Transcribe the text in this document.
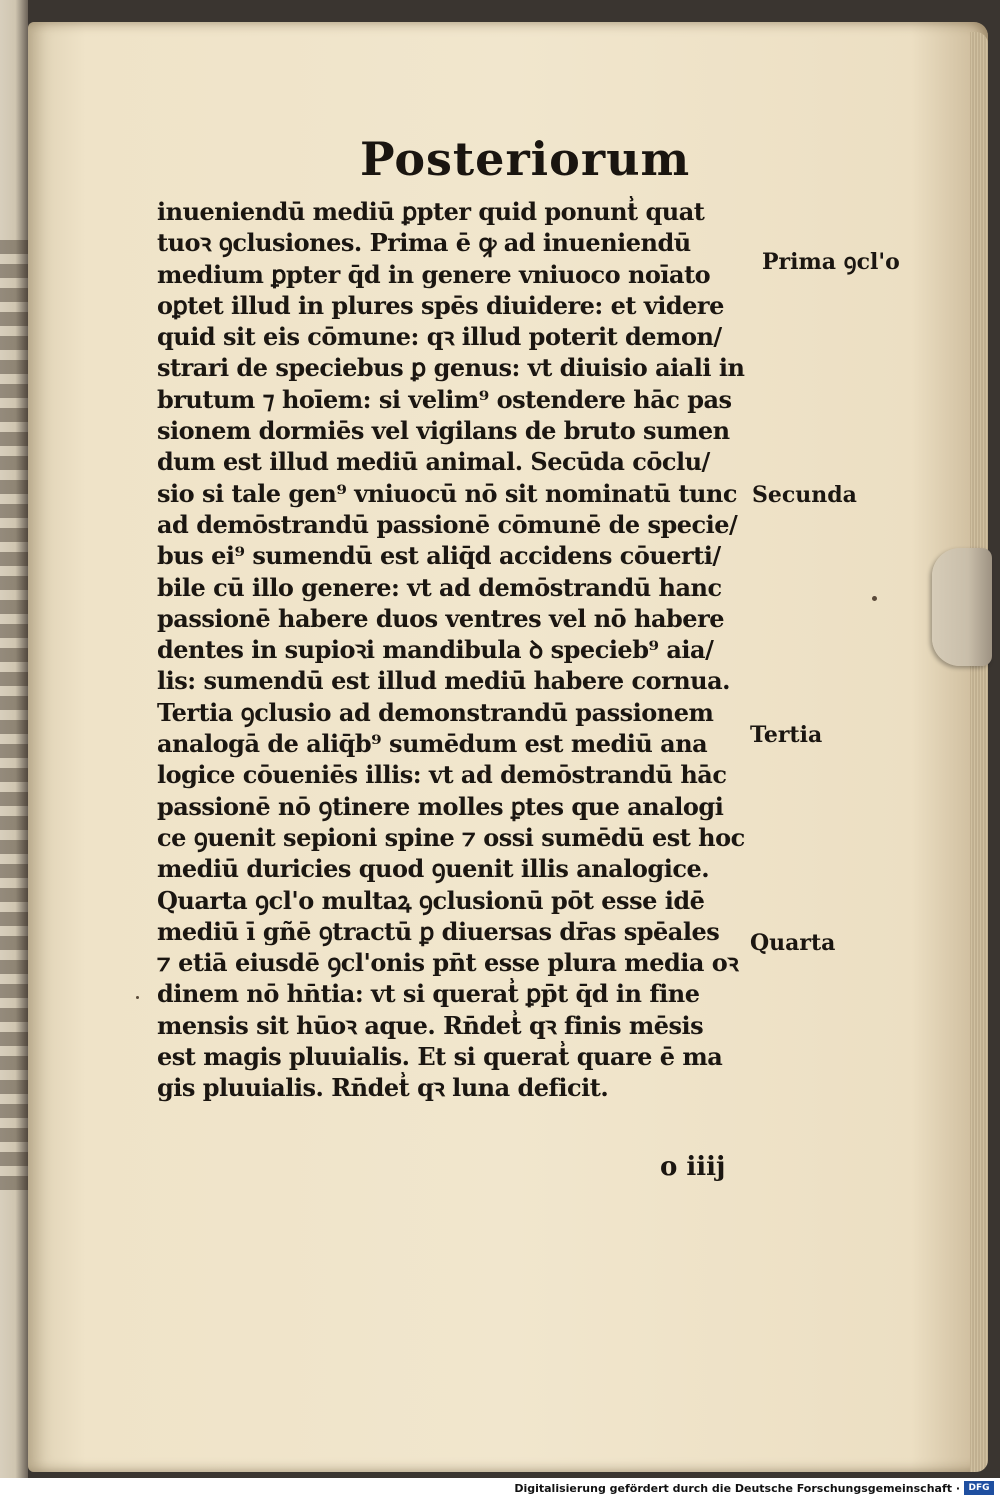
Posteriorum
inueniendū mediū ꝑpter quid ponunt̾ quat
tuoꝛ ꝯclusiones. Prima ē ꝙ ad inueniendū
medium ꝑpter q̄d in genere vniuoco noīato
oꝑtet illud in plures spēs diuidere: et videre
quid sit eis cōmune: qꝛ illud poterit demon/
strari de speciebus ꝑ genus: vt diuisio aiali in
brutum ⁊ hoīem: si velim⁹ ostendere hāc pas
sionem dormiēs vel vigilans de bruto sumen
dum est illud mediū animal. Secūda cōclu/
sio si tale gen⁹ vniuocū nō sit nominatū tunc
ad demōstrandū passionē cōmunē de specie/
bus ei⁹ sumendū est aliq̄d accidens cōuerti/
bile cū illo genere: vt ad demōstrandū hanc
passionē habere duos ventres vel nō habere
dentes in supioꝛi mandibula ꝺ specieb⁹ aia/
lis: sumendū est illud mediū habere cornua.
Tertia ꝯclusio ad demonstrandū passionem
analogā de aliq̄b⁹ sumēdum est mediū ana
logice cōueniēs illis: vt ad demōstrandū hāc
passionē nō ꝯtinere molles ꝑtes que analogi
ce ꝯuenit sepioni spine ⁊ ossi sumēdū est hoc
mediū duricies quod ꝯuenit illis analogice.
Quarta ꝯcl'o multaꝝ ꝯclusionū pōt esse idē
mediū ī gñē ꝯtractū ꝑ diuersas dr̄as spēales
⁊ etiā eiusdē ꝯcl'onis pn̄t esse plura media oꝛ
dinem nō hn̄tia: vt si querat̾ ꝑp̄t q̄d in fine
mensis sit hūoꝛ aque. Rn̄det̾ qꝛ finis mēsis
est magis pluuialis. Et si querat̾ quare ē ma
gis pluuialis. Rn̄det̾ qꝛ luna deficit.
Prima ꝯcl'o
Secunda
Tertia
Quarta
o iiij
Digitalisierung gefördert durch die Deutsche Forschungsgemeinschaft · DFG
